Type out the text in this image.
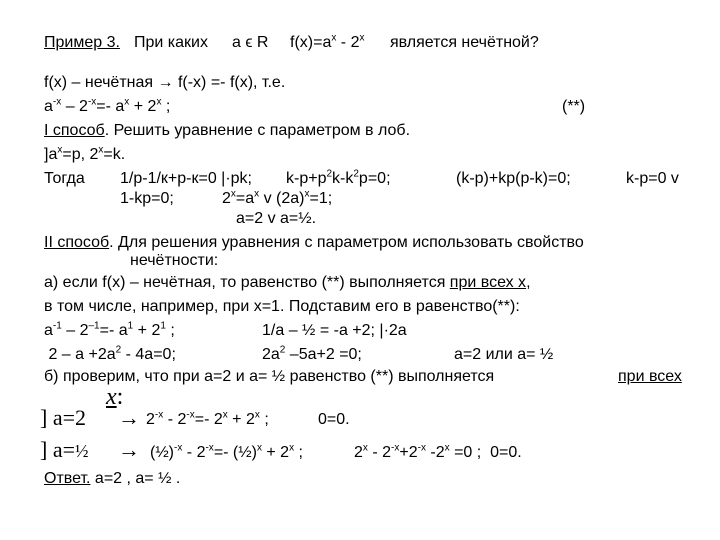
Пример 3. При каких a ϵ R $f(x)=a^x - 2^x$ является нечётной?
f(x) – нечётная → f(-x) =- f(x), т.е.
$a^{-x} - 2^{-x}=-$ $a^x + 2^x$ ;	(**)
I способ. Решить уравнение с параметром в лоб.
]$a^x=p$, $2^x=k$.
Тогда 1/p-1/к+p-к=0 |·pk; $k-p+p^2k-k^2p=0$;	(k-p)+kp(p-k)=0;	k-p=0 v
1-kp=0;	$2^x=a^x$ v $(2a)^x=1$;
a=2 v a=½.
II способ. Для решения уравнения с параметром использовать свойство
нечётности:
а) если f(x) – нечётная, то равенство (**) выполняется при всех х,
в том числе, например, при х=1. Подставим его в равенство(**):
$a^{-1} - 2^{-1}=-$ $a^1 + 2^1$ ;	1/a – ½ = -a +2; |·2a
$2 - a +2a^2 - 4a=0$;	$2a^2$ –5a+2 =0;	a=2 или a= ½
б) проверим, что при a=2 и a= ½ равенство (**) выполняется	при всех
x:
] $a=2 \to 2^{-x} - 2^{-x}=-$ $2^x + 2^x$ ;	0=0.
] a=½ → (½)$^{-x}$ - $2^{-x}=-$ (½)$^x$ + $2^x$ ;	$2^x - 2^{-x}+2^{-x}$ $-2^x =0$ ;  0=0.
Ответ. a=2 , a= ½ .
